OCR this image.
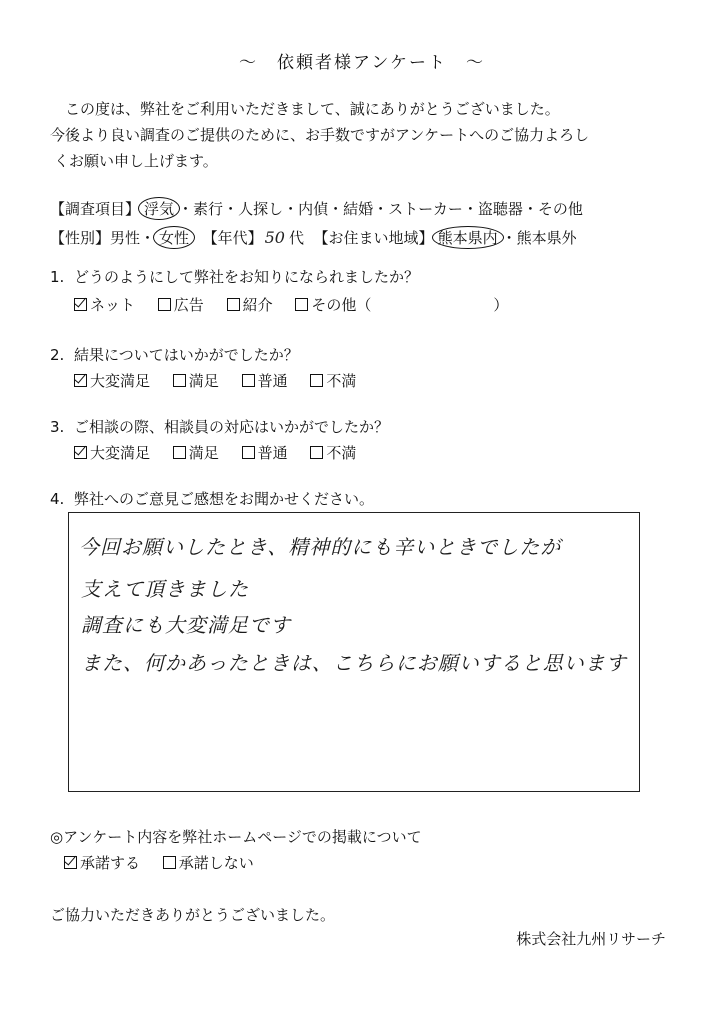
～　依頼者様アンケート　～
この度は、弊社をご利用いただきまして、誠にありがとうございました。
今後より良い調査のご提供のために、お手数ですがアンケートへのご協力よろし
くお願い申し上げます。
【調査項目】 浮気 ・素行・人探し・内偵・結婚・ストーカー・盗聴器・その他
【性別】男性・ 女性 【年代】 50 代 【お住まい地域】 熊本県内 ・熊本県外
1. どうのようにして弊社をお知りになられましたか？
ネット	広告	紹介	その他（	）
2. 結果についてはいかがでしたか？
大変満足	満足	普通	不満
3. ご相談の際、相談員の対応はいかがでしたか？
大変満足	満足	普通	不満
4. 弊社へのご意見ご感想をお聞かせください。
今回お願いしたとき、精神的にも辛いときでしたが
支えて頂きました
調査にも大変満足です
また、何かあったときは、こちらにお願いすると思います
◎アンケート内容を弊社ホームページでの掲載について
承諾する	承諾しない
ご協力いただきありがとうございました。
株式会社九州リサーチ
